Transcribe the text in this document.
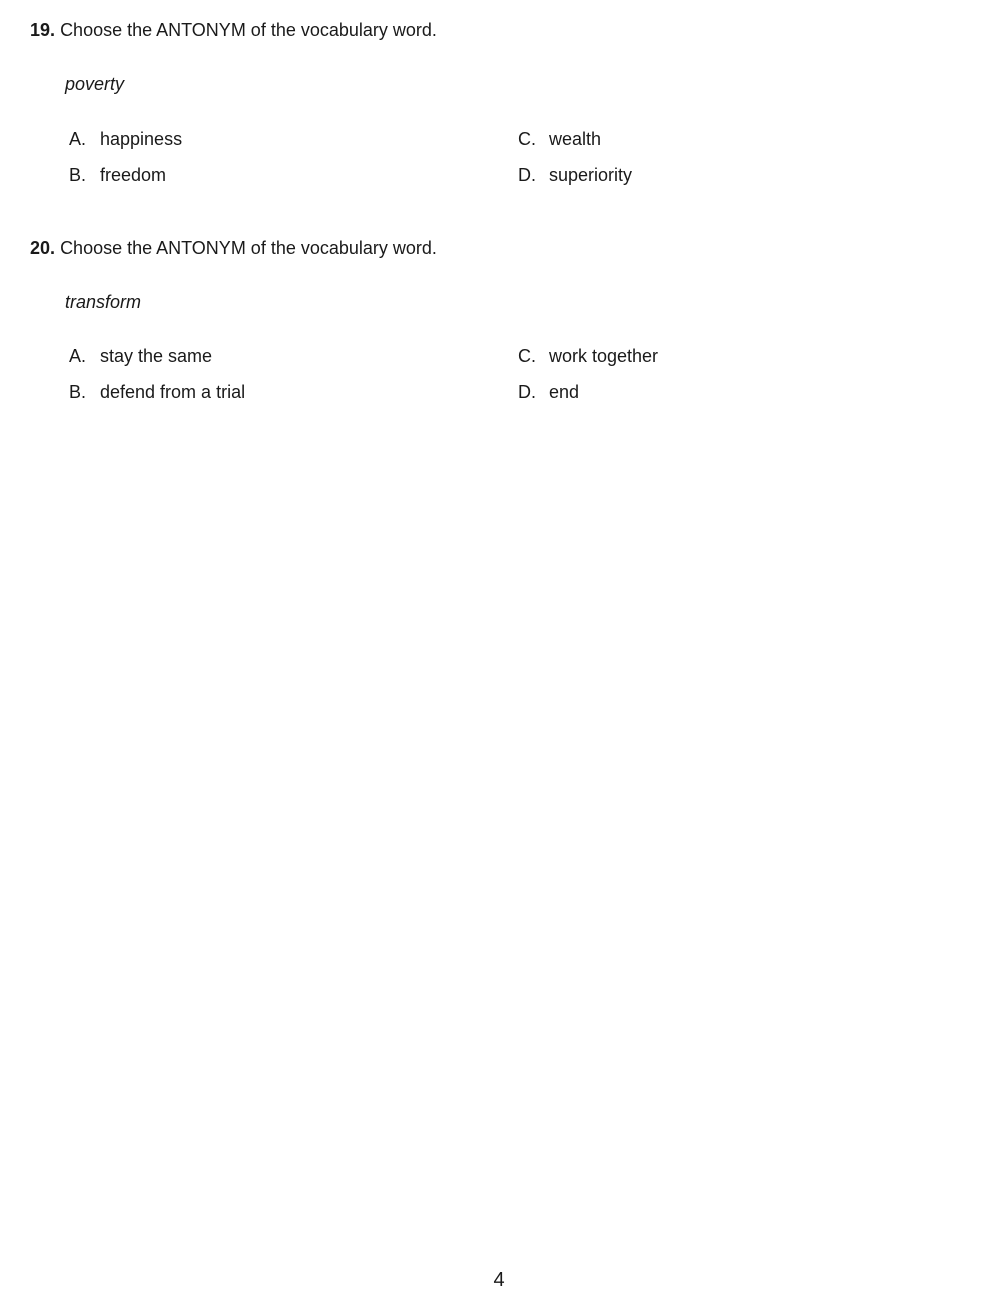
19. Choose the ANTONYM of the vocabulary word.
poverty
A. happiness
B. freedom
C. wealth
D. superiority
20. Choose the ANTONYM of the vocabulary word.
transform
A. stay the same
B. defend from a trial
C. work together
D. end
4
